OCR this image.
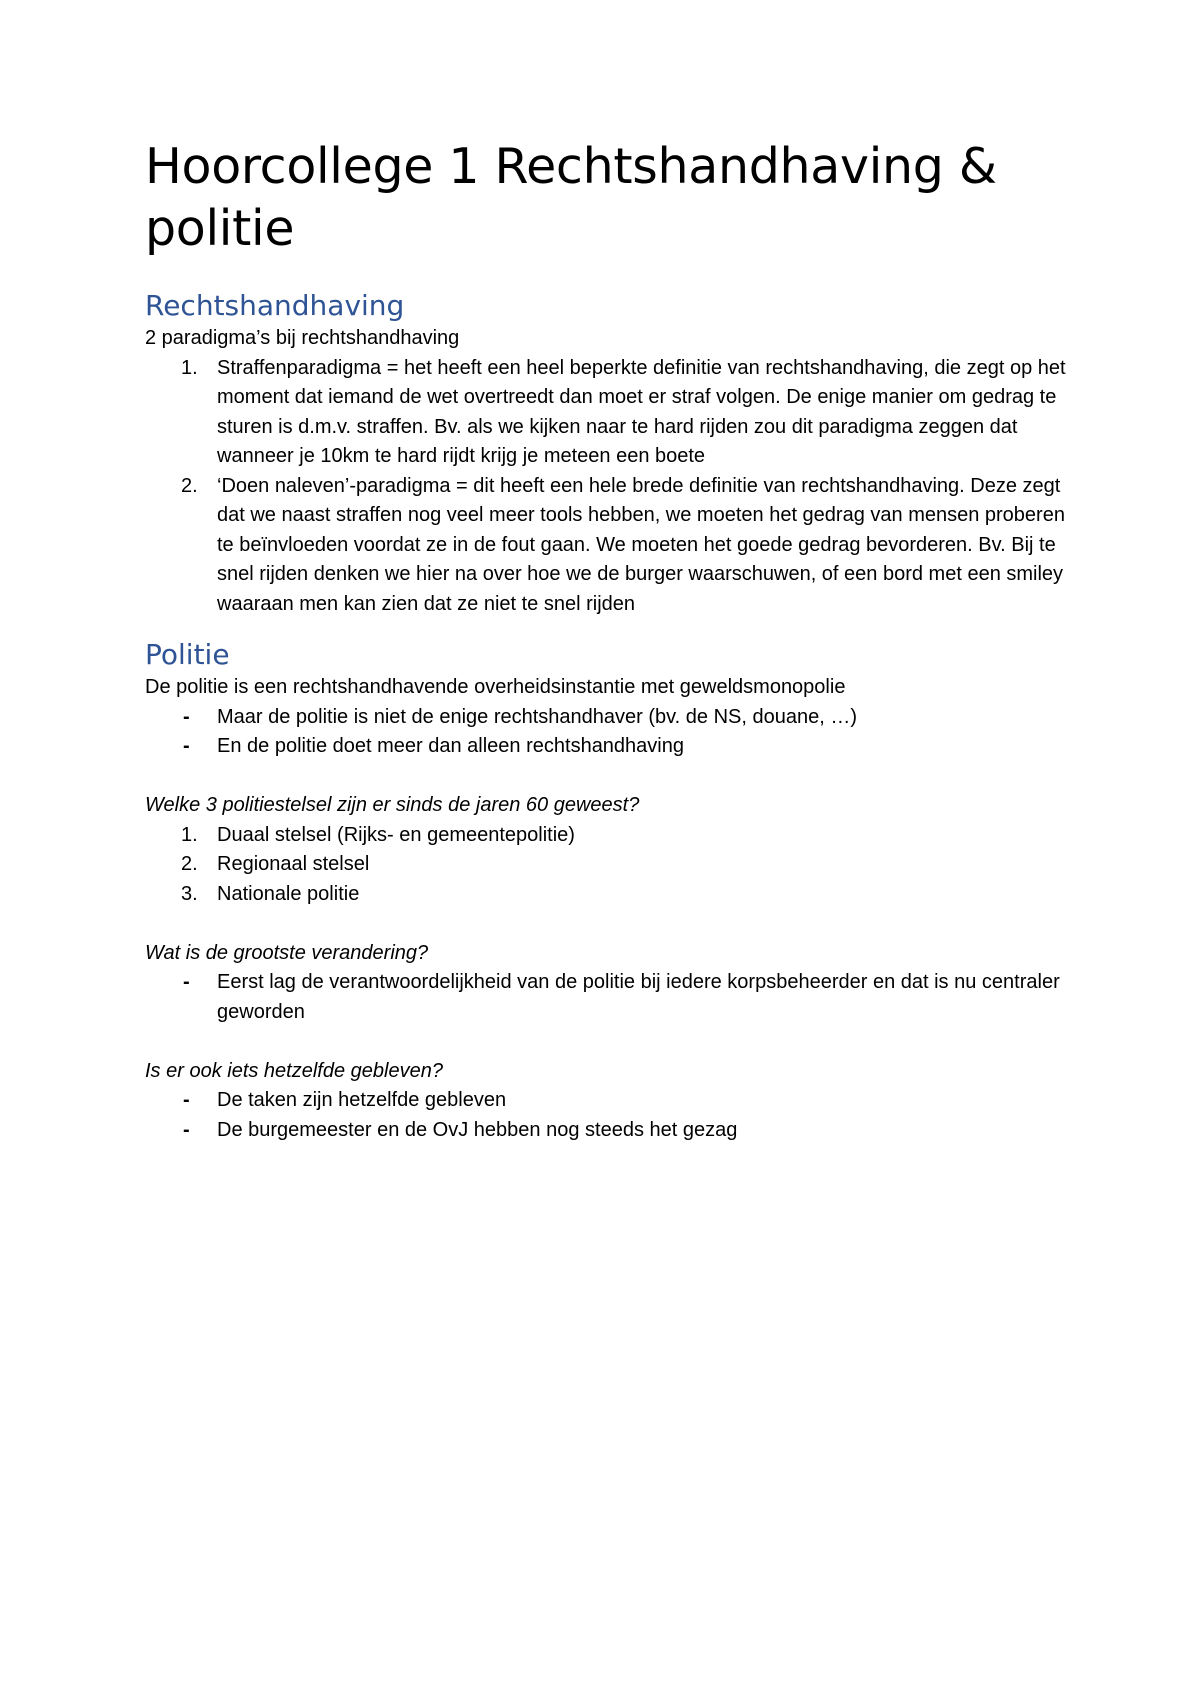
Hoorcollege 1 Rechtshandhaving & politie
Rechtshandhaving

2 paradigma’s bij rechtshandhaving

1. Straffenparadigma = het heeft een heel beperkte definitie van rechtshandhaving, die zegt op het moment dat iemand de wet overtreedt dan moet er straf volgen. De enige manier om gedrag te sturen is d.m.v. straffen. Bv. als we kijken naar te hard rijden zou dit paradigma zeggen dat wanneer je 10km te hard rijdt krijg je meteen een boete
2. ‘Doen naleven’-paradigma = dit heeft een hele brede definitie van rechtshandhaving. Deze zegt dat we naast straffen nog veel meer tools hebben, we moeten het gedrag van mensen proberen te beïnvloeden voordat ze in de fout gaan. We moeten het goede gedrag bevorderen. Bv. Bij te snel rijden denken we hier na over hoe we de burger waarschuwen, of een bord met een smiley waaraan men kan zien dat ze niet te snel rijden
Politie

De politie is een rechtshandhavende overheidsinstantie met geweldsmonopolie

- Maar de politie is niet de enige rechtshandhaver (bv. de NS, douane, …)
- En de politie doet meer dan alleen rechtshandhaving

Welke 3 politiestelsel zijn er sinds de jaren 60 geweest?

1. Duaal stelsel (Rijks- en gemeentepolitie)
2. Regionaal stelsel
3. Nationale politie

Wat is de grootste verandering?

- Eerst lag de verantwoordelijkheid van de politie bij iedere korpsbeheerder en dat is nu centraler geworden

Is er ook iets hetzelfde gebleven?

- De taken zijn hetzelfde gebleven
- De burgemeester en de OvJ hebben nog steeds het gezag
